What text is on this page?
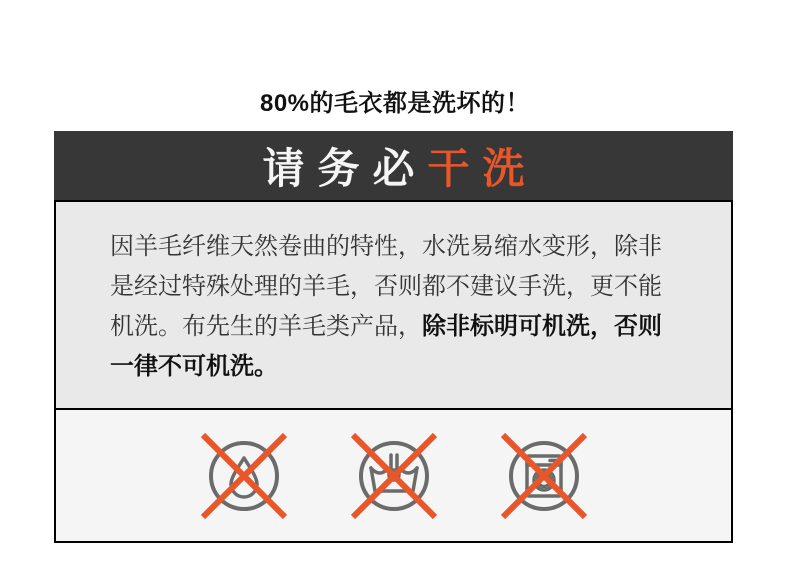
80%的毛衣都是洗坏的！
请务必 干洗
因羊毛纤维天然卷曲的特性，水洗易缩水变形，除非
是经过特殊处理的羊毛，否则都不建议手洗，更不能
机洗。布先生的羊毛类产品，除非标明可机洗，否则
一律不可机洗。
